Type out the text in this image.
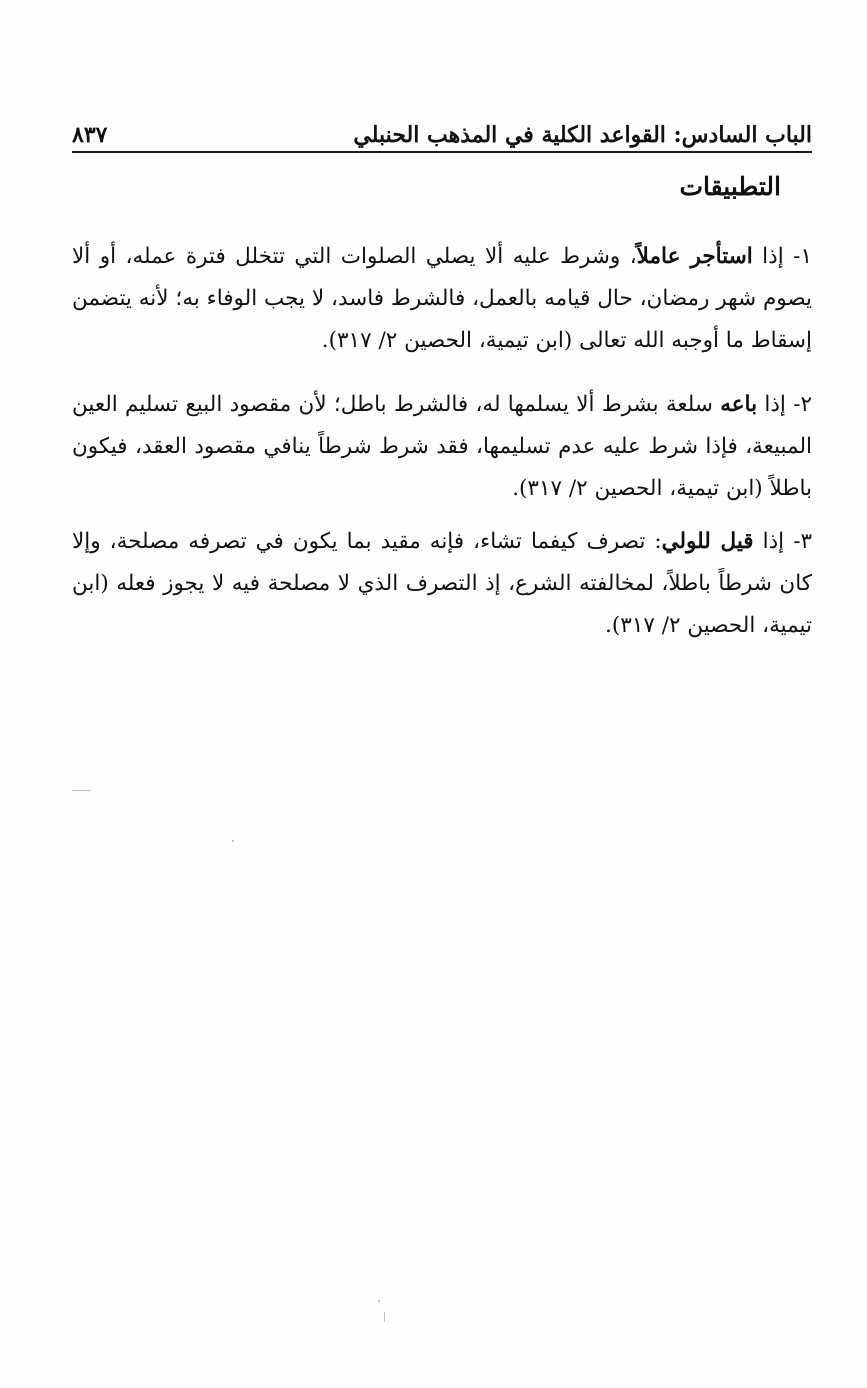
الباب السادس: القواعد الكلية في المذهب الحنبلي
٨٣٧
التطبيقات

١- إذا استأجر عاملاً، وشرط عليه ألا يصلي الصلوات التي تتخلل فترة عمله، أو ألا يصوم شهر رمضان، حال قيامه بالعمل، فالشرط فاسد، لا يجب الوفاء به؛ لأنه يتضمن إسقاط ما أوجبه الله تعالى (ابن تيمية، الحصين ٢/ ٣١٧).

٢- إذا باعه سلعة بشرط ألا يسلمها له، فالشرط باطل؛ لأن مقصود البيع تسليم العين المبيعة، فإذا شرط عليه عدم تسليمها، فقد شرط شرطاً ينافي مقصود العقد، فيكون باطلاً (ابن تيمية، الحصين ٢/ ٣١٧).

٣- إذا قيل للولي: تصرف كيفما تشاء، فإنه مقيد بما يكون في تصرفه مصلحة، وإلا كان شرطاً باطلاً، لمخالفته الشرع، إذ التصرف الذي لا مصلحة فيه لا يجوز فعله (ابن تيمية، الحصين ٢/ ٣١٧).
